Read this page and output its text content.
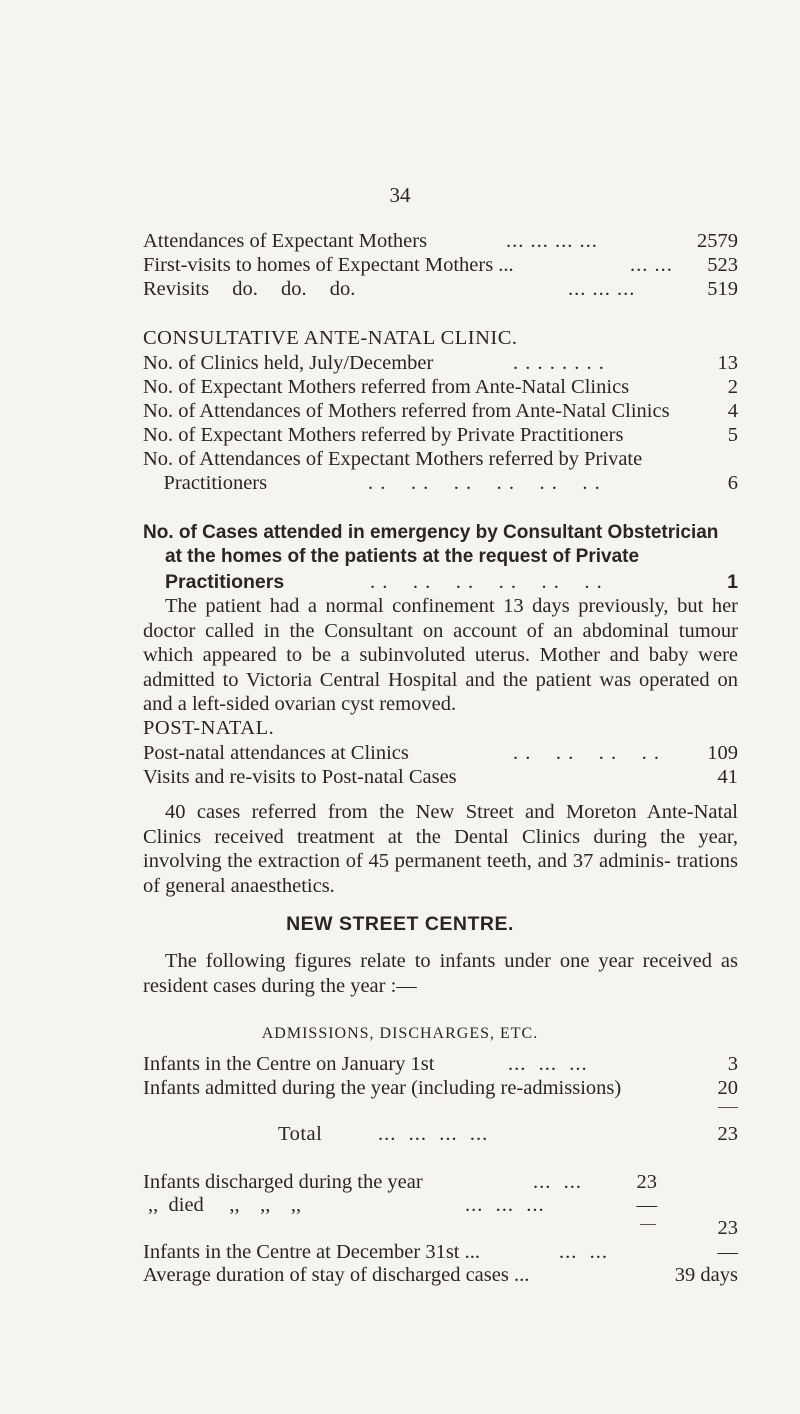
34
Attendances of Expectant Mothers	... ... ... ...	2579
First-visits to homes of Expectant Mothers ...	... ... 523
Revisits do. do. do.	... ... ...	519
CONSULTATIVE ANTE-NATAL CLINIC.
No. of Clinics held, July/December	. . . . . . . .	13
No. of Expectant Mothers referred from Ante-Natal Clinics	2
No. of Attendances of Mothers referred from Ante-Natal Clinics	4
No. of Expectant Mothers referred by Private Practitioners	5
No. of Attendances of Expectant Mothers referred by Private
Practitioners	. .    . .    . .    . .    . .    . .	6
No. of Cases attended in emergency by Consultant Obstetrician
at the homes of the patients at the request of Private
Practitioners	. .    . .    . .    . .    . .    . .	1
The patient had a normal confinement 13 days previously, but her doctor called in the Consultant on account of an abdominal tumour which appeared to be a subinvoluted uterus. Mother and baby were admitted to Victoria Central Hospital and the patient was operated on and a left-sided ovarian cyst removed.
POST-NATAL.
Post-natal attendances at Clinics	. .    . .    . .    . . 109
Visits and re-visits to Post-natal Cases	41
40 cases referred from the New Street and Moreton Ante-Natal Clinics received treatment at the Dental Clinics during the year, involving the extraction of 45 permanent teeth, and 37 adminis- trations of general anaesthetics.
NEW STREET CENTRE.
The following figures relate to infants under one year received as resident cases during the year :—
ADMISSIONS, DISCHARGES, ETC.
Infants in the Centre on January 1st	...  ...  ...	3
Infants admitted during the year (including re-admissions)	20
Total	...  ...  ...  ...	23
Infants discharged during the year	...  ...	23
,,  died     ,,    ,,    ,,	...  ...  ...	—
23
Infants in the Centre at December 31st ...	...  ...	—
Average duration of stay of discharged cases ...	39 days
